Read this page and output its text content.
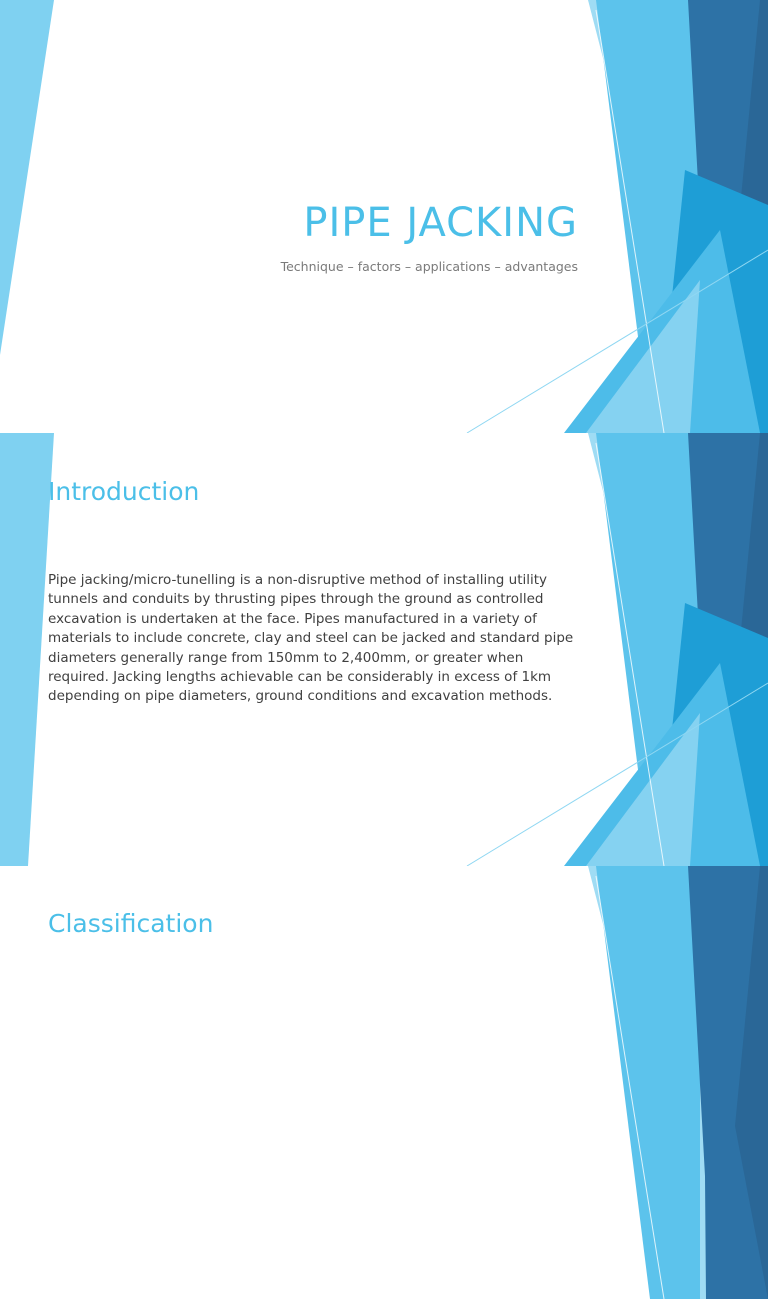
PIPE JACKING
Technique – factors – applications – advantages
Introduction
Pipe jacking/micro-tunelling is a non-disruptive method of installing utility tunnels and conduits by thrusting pipes through the ground as controlled excavation is undertaken at the face. Pipes manufactured in a variety of materials to include concrete, clay and steel can be jacked and standard pipe diameters generally range from 150mm to 2,400mm, or greater when required. Jacking lengths achievable can be considerably in excess of 1km depending on pipe diameters, ground conditions and excavation methods.
Classification
